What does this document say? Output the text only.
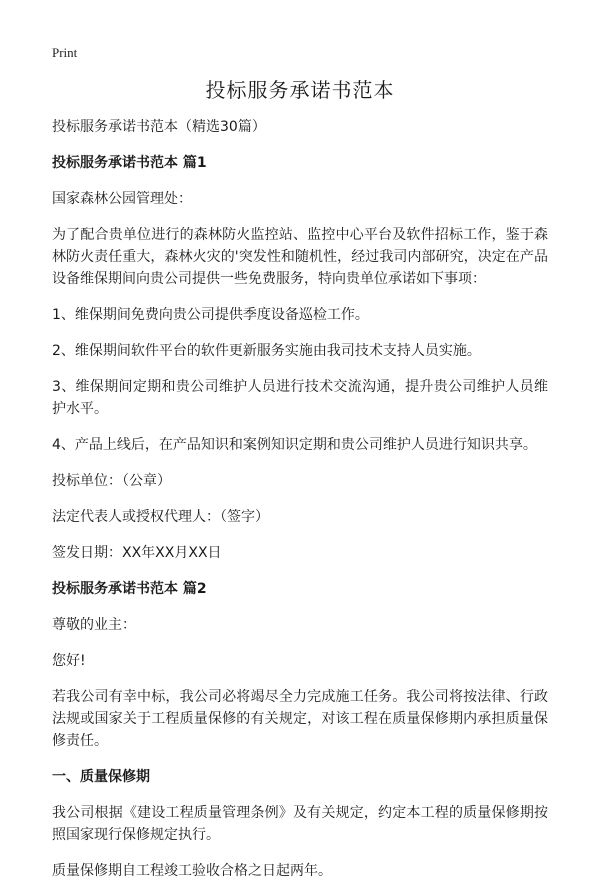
Print
投标服务承诺书范本

投标服务承诺书范本（精选30篇）

投标服务承诺书范本 篇1

国家森林公园管理处：

为了配合贵单位进行的森林防火监控站、监控中心平台及软件招标工作，鉴于森林防火责任重大，森林火灾的'突发性和随机性，经过我司内部研究，决定在产品设备维保期间向贵公司提供一些免费服务，特向贵单位承诺如下事项：

1、维保期间免费向贵公司提供季度设备巡检工作。

2、维保期间软件平台的软件更新服务实施由我司技术支持人员实施。

3、维保期间定期和贵公司维护人员进行技术交流沟通，提升贵公司维护人员维护水平。

4、产品上线后，在产品知识和案例知识定期和贵公司维护人员进行知识共享。

投标单位：（公章）

法定代表人或授权代理人：（签字）

签发日期：XX年XX月XX日

投标服务承诺书范本 篇2

尊敬的业主：

您好!

若我公司有幸中标，我公司必将竭尽全力完成施工任务。我公司将按法律、行政法规或国家关于工程质量保修的有关规定，对该工程在质量保修期内承担质量保修责任。

一、质量保修期

我公司根据《建设工程质量管理条例》及有关规定，约定本工程的质量保修期按照国家现行保修规定执行。

质量保修期自工程竣工验收合格之日起两年。
